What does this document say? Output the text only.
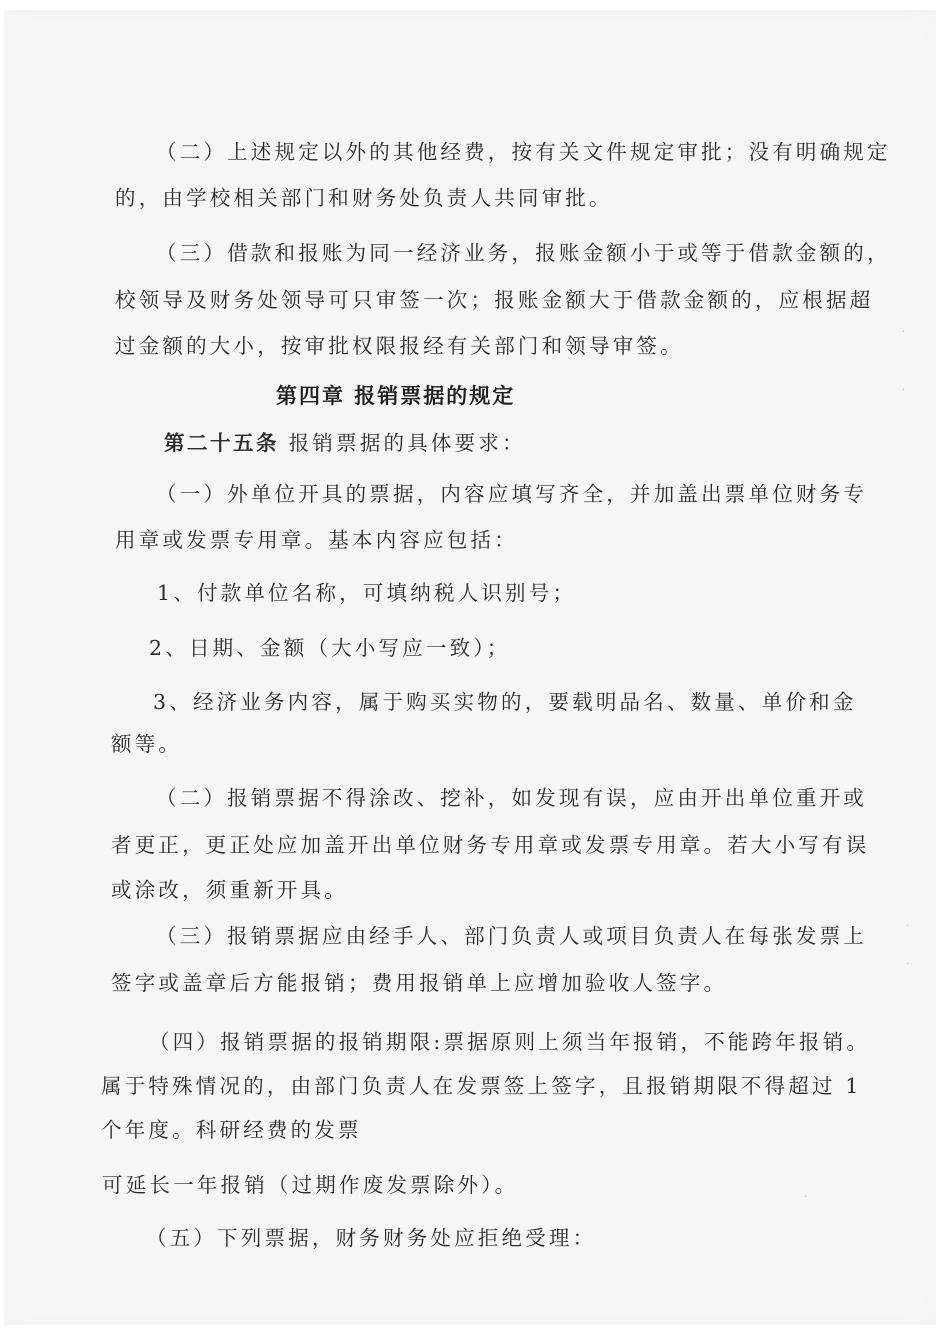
（二）上述规定以外的其他经费，按有关文件规定审批；没有明确规定
的，由学校相关部门和财务处负责人共同审批。
（三）借款和报账为同一经济业务，报账金额小于或等于借款金额的，
校领导及财务处领导可只审签一次；报账金额大于借款金额的，应根据超
过金额的大小，按审批权限报经有关部门和领导审签。
第四章 报销票据的规定
第二十五条 报销票据的具体要求：
（一）外单位开具的票据，内容应填写齐全，并加盖出票单位财务专
用章或发票专用章。基本内容应包括：
1、付款单位名称，可填纳税人识别号；
2、日期、金额（大小写应一致）；
3、经济业务内容，属于购买实物的，要载明品名、数量、单价和金
额等。
（二）报销票据不得涂改、挖补，如发现有误，应由开出单位重开或
者更正，更正处应加盖开出单位财务专用章或发票专用章。若大小写有误
或涂改，须重新开具。
（三）报销票据应由经手人、部门负责人或项目负责人在每张发票上
签字或盖章后方能报销；费用报销单上应增加验收人签字。
（四）报销票据的报销期限:票据原则上须当年报销，不能跨年报销。
属于特殊情况的，由部门负责人在发票签上签字，且报销期限不得超过 1
个年度。科研经费的发票
可延长一年报销（过期作废发票除外）。
（五）下列票据，财务财务处应拒绝受理：
·
·
·
·
·
